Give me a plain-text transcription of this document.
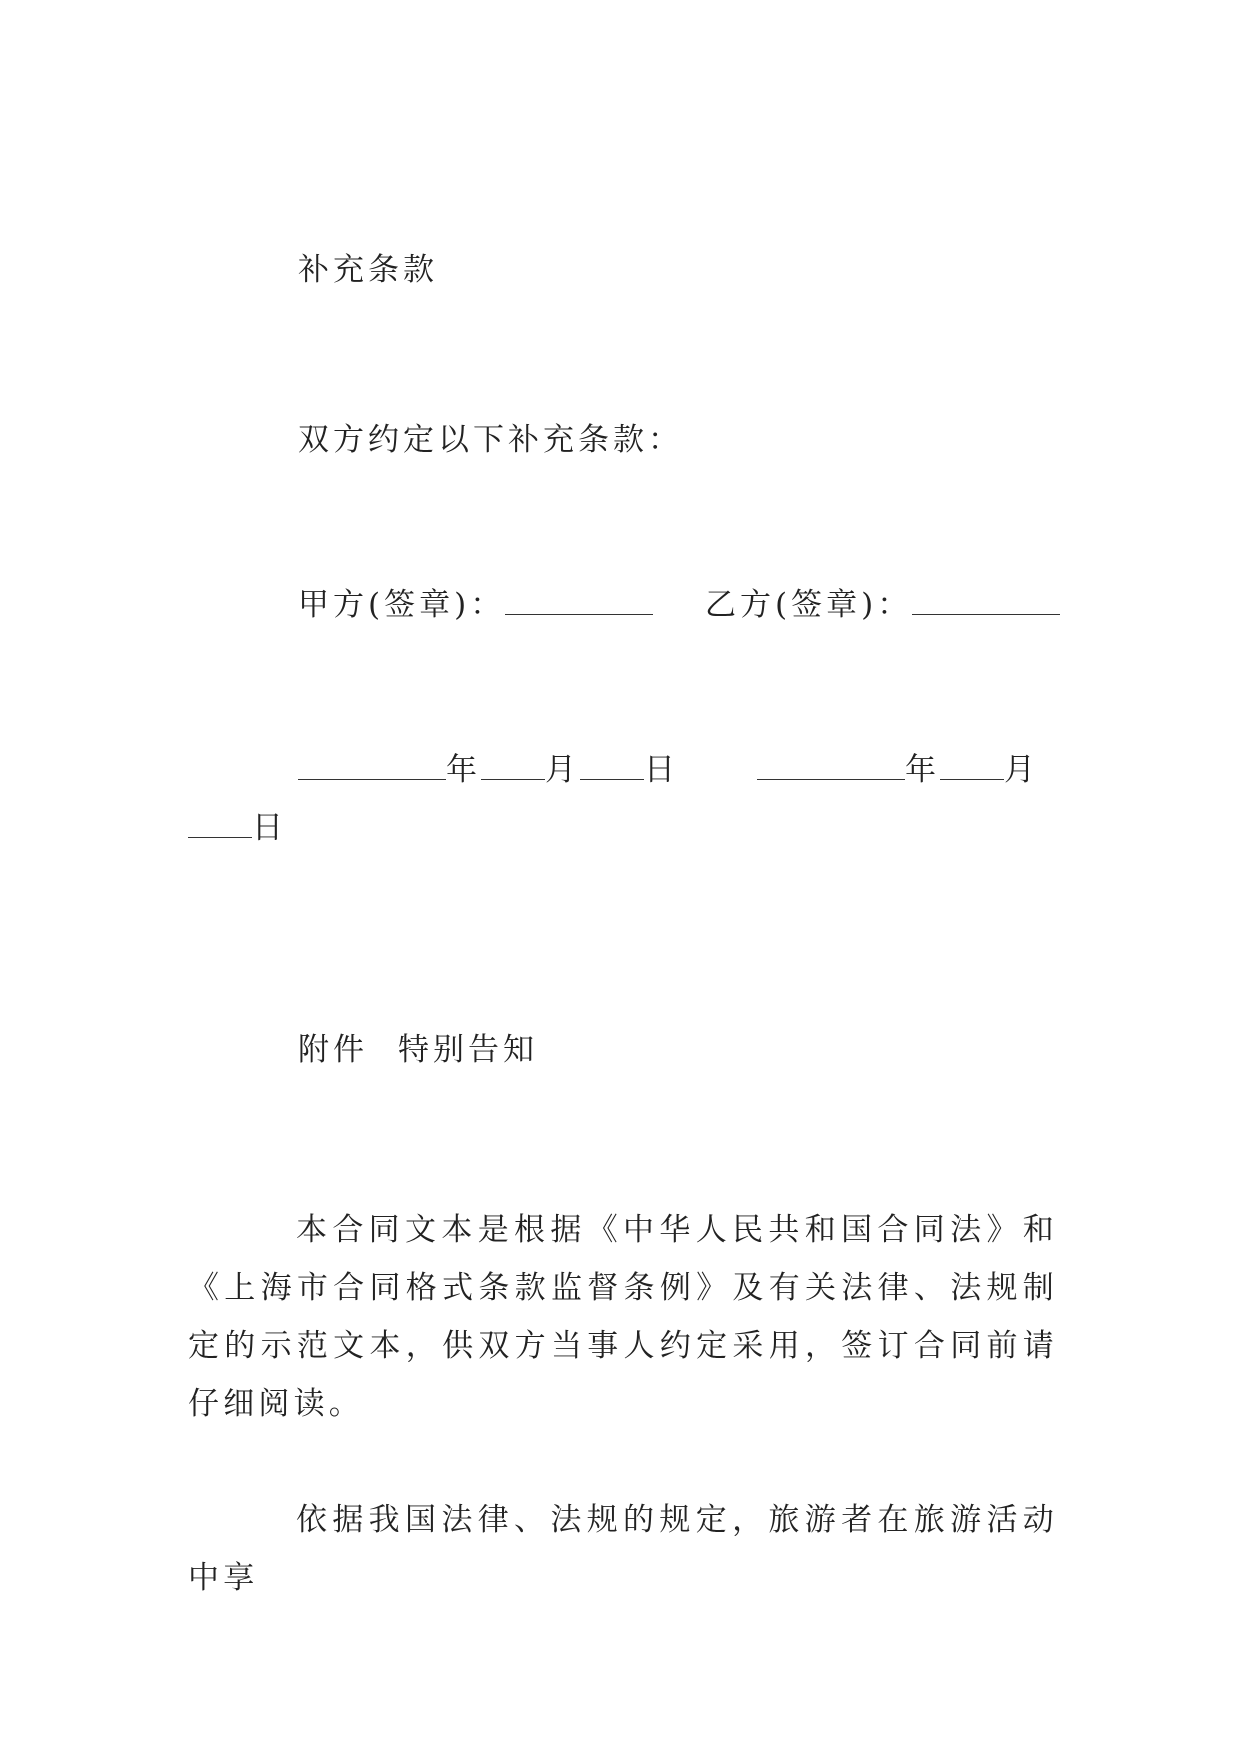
补充条款
双方约定以下补充条款：
甲方(签章)：	乙方(签章)：
年 月 日	年 月
日
附件 特别告知

本合同文本是根据《中华人民共和国合同法》和《上海市合同格式条款监督条例》及有关法律、法规制定的示范文本，供双方当事人约定采用，签订合同前请仔细阅读。

依据我国法律、法规的规定，旅游者在旅游活动中享
